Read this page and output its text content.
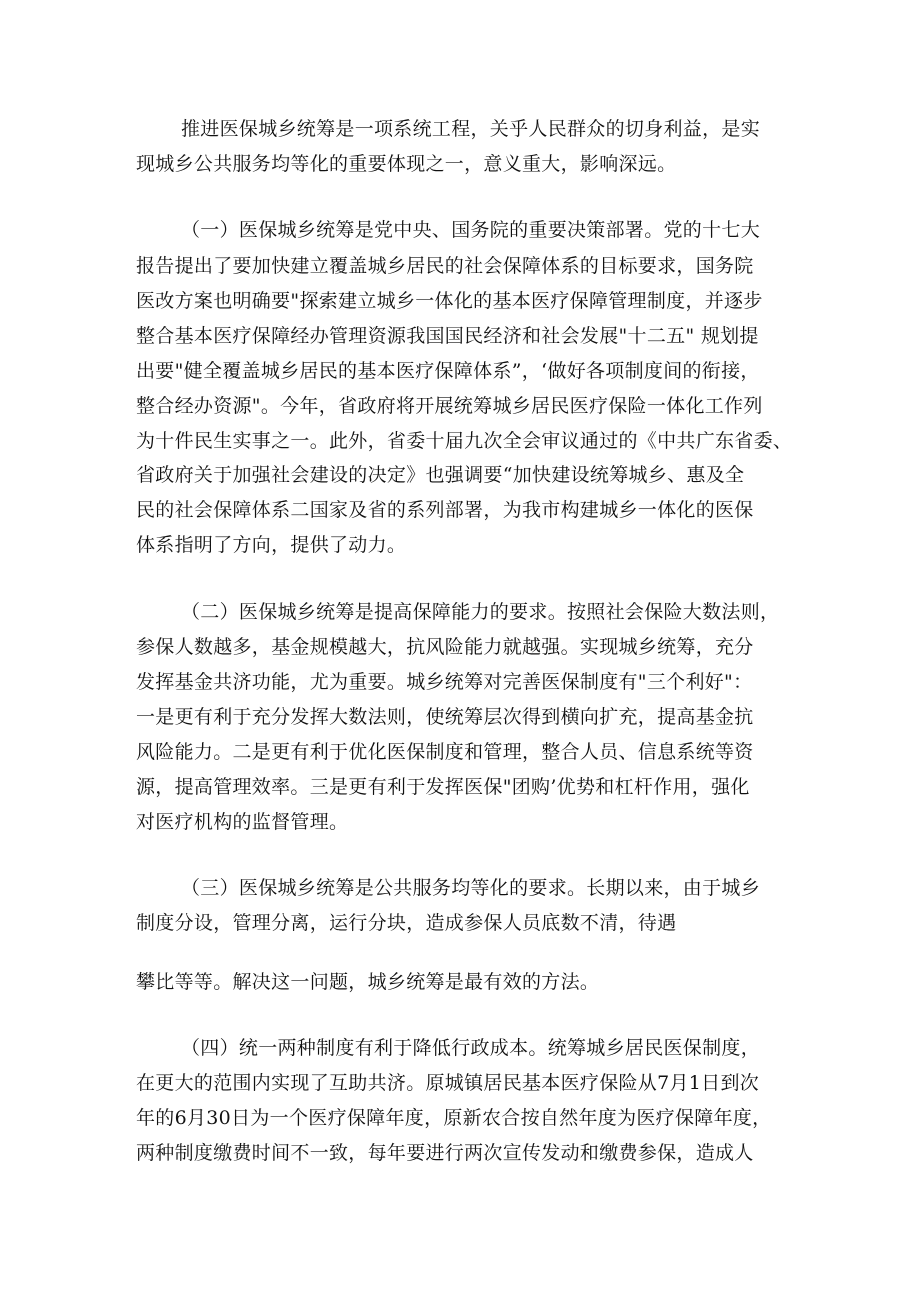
推进医保城乡统筹是一项系统工程，关乎人民群众的切身利益，是实
现城乡公共服务均等化的重要体现之一，意义重大，影响深远。
（一）医保城乡统筹是党中央、国务院的重要决策部署。党的十七大
报告提出了要加快建立覆盖城乡居民的社会保障体系的目标要求，国务院
医改方案也明确要"探索建立城乡一体化的基本医疗保障管理制度，并逐步
整合基本医疗保障经办管理资源我国国民经济和社会发展"十二五" 规划提
出要"健全覆盖城乡居民的基本医疗保障体系”，‘做好各项制度间的衔接，
整合经办资源"。今年，省政府将开展统筹城乡居民医疗保险一体化工作列
为十件民生实事之一。此外，省委十届九次全会审议通过的《中共广东省委、
省政府关于加强社会建设的决定》也强调要“加快建设统筹城乡、惠及全
民的社会保障体系二国家及省的系列部署，为我市构建城乡一体化的医保
体系指明了方向，提供了动力。
（二）医保城乡统筹是提高保障能力的要求。按照社会保险大数法则，
参保人数越多，基金规模越大，抗风险能力就越强。实现城乡统筹，充分
发挥基金共济功能，尤为重要。城乡统筹对完善医保制度有"三个利好"：
一是更有利于充分发挥大数法则，使统筹层次得到横向扩充，提高基金抗
风险能力。二是更有利于优化医保制度和管理，整合人员、信息系统等资
源，提高管理效率。三是更有利于发挥医保"团购’优势和杠杆作用，强化
对医疗机构的监督管理。
（三）医保城乡统筹是公共服务均等化的要求。长期以来，由于城乡
制度分设，管理分离，运行分块，造成参保人员底数不清，待遇
攀比等等。解决这一问题，城乡统筹是最有效的方法。
（四）统一两种制度有利于降低行政成本。统筹城乡居民医保制度，
在更大的范围内实现了互助共济。原城镇居民基本医疗保险从7月1日到次
年的6月30日为一个医疗保障年度，原新农合按自然年度为医疗保障年度，
两种制度缴费时间不一致，每年要进行两次宣传发动和缴费参保，造成人
